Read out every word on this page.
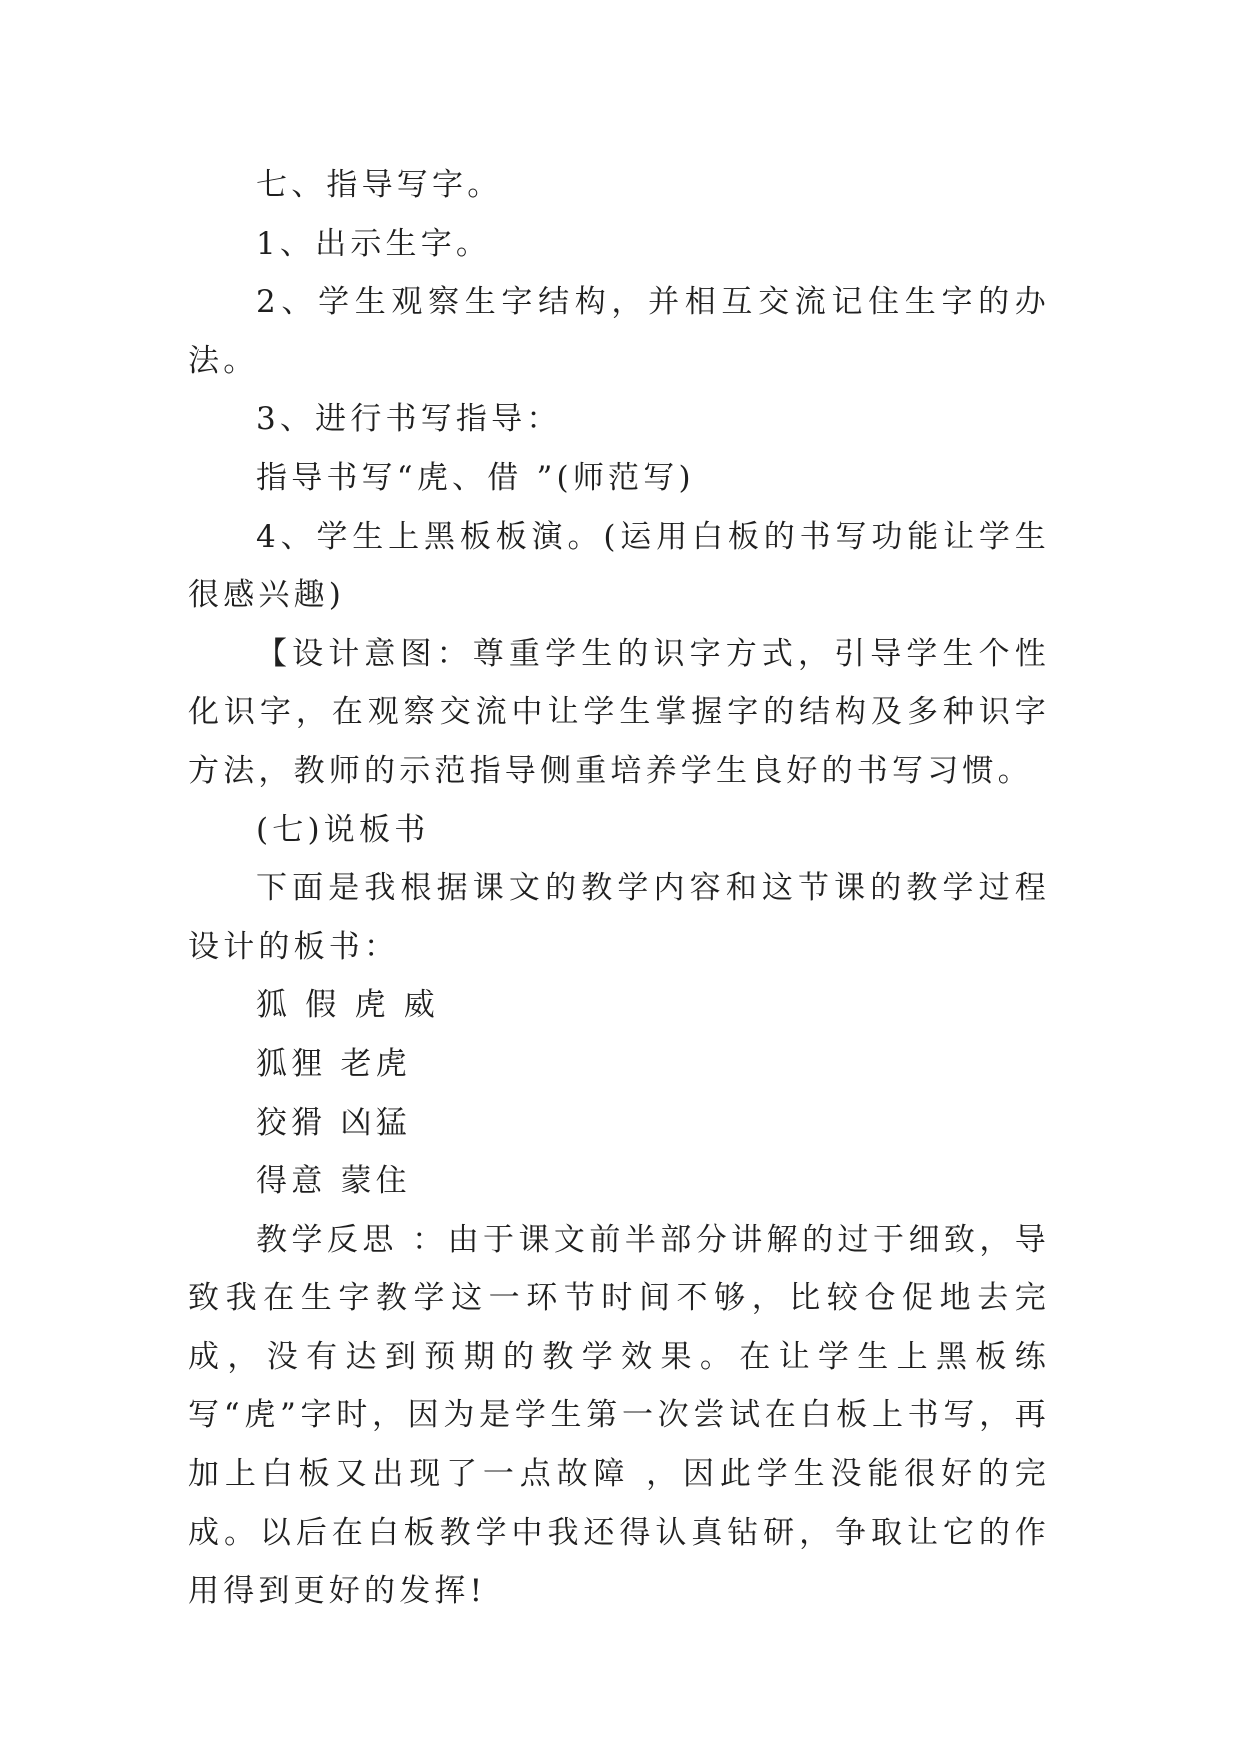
七、指导写字。

1、出示生字。

2、学生观察生字结构，并相互交流记住生字的办法。

3、进行书写指导：

指导书写“虎、借 ”(师范写)

4、学生上黑板板演。(运用白板的书写功能让学生很感兴趣)

【设计意图：尊重学生的识字方式，引导学生个性化识字，在观察交流中让学生掌握字的结构及多种识字方法，教师的示范指导侧重培养学生良好的书写习惯。

(七)说板书

下面是我根据课文的教学内容和这节课的教学过程设计的板书：

狐 假 虎 威

狐狸 老虎

狡猾 凶猛

得意 蒙住

教学反思 ：由于课文前半部分讲解的过于细致，导致我在生字教学这一环节时间不够，比较仓促地去完成，没有达到预期的教学效果。在让学生上黑板练写“虎”字时，因为是学生第一次尝试在白板上书写，再加上白板又出现了一点故障 ，因此学生没能很好的完成。以后在白板教学中我还得认真钻研，争取让它的作用得到更好的发挥!
